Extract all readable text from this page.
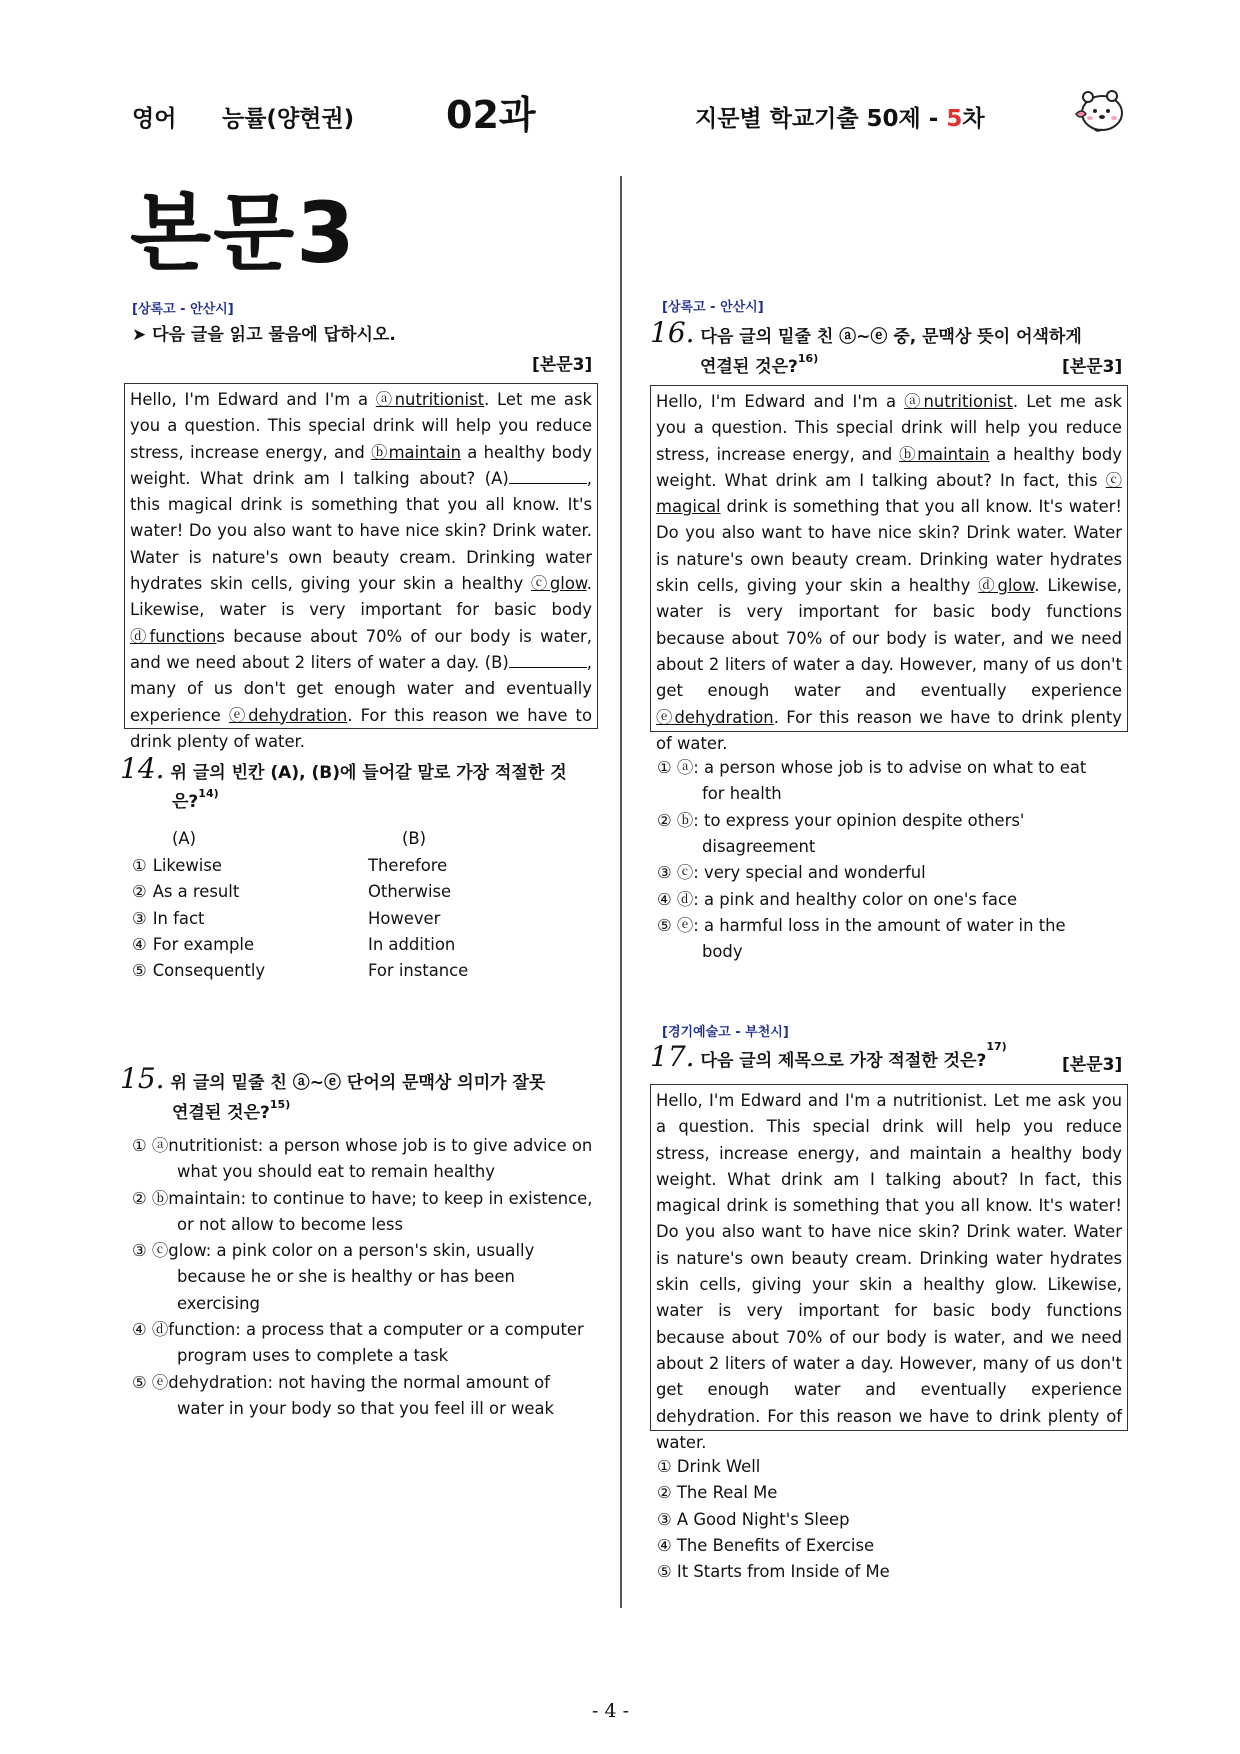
영어 능률(양현권) 02과	지문별 학교기출 50제 - 5차
본문3
[상록고 - 안산시]
➤ 다음 글을 읽고 물음에 답하시오.
[본문3]
Hello, I'm Edward and I'm a ⓐnutritionist. Let me ask you a question. This special drink will help you reduce stress, increase energy, and ⓑmaintain a healthy body weight. What drink am I talking about? (A)	, this magical drink is something that you all know. It's water! Do you also want to have nice skin? Drink water. Water is nature's own beauty cream. Drinking water hydrates skin cells, giving your skin a healthy ⓒglow. Likewise, water is very important for basic body ⓓfunctions because about 70% of our body is water, and we need about 2 liters of water a day. (B)	, many of us don't get enough water and eventually experience ⓔdehydration. For this reason we have to drink plenty of water.
14. 위 글의 빈칸 (A), (B)에 들어갈 말로 가장 적절한 것
은?$^{14)}$
(A)	(B)
① Likewise	Therefore
② As a result	Otherwise
③ In fact	However
④ For example	In addition
⑤ Consequently	For instance
15. 위 글의 밑줄 친 ⓐ~ⓔ 단어의 문맥상 의미가 잘못
연결된 것은?$^{15)}$
① ⓐnutritionist: a person whose job is to give advice on
what you should eat to remain healthy
② ⓑmaintain: to continue to have; to keep in existence,
or not allow to become less
③ ⓒglow: a pink color on a person's skin, usually
because he or she is healthy or has been
exercising
④ ⓓfunction: a process that a computer or a computer
program uses to complete a task
⑤ ⓔdehydration: not having the normal amount of
water in your body so that you feel ill or weak
[상록고 - 안산시]
16. 다음 글의 밑줄 친 ⓐ~ⓔ 중, 문맥상 뜻이 어색하게
연결된 것은?$^{16)}$	[본문3]
Hello, I'm Edward and I'm a ⓐnutritionist. Let me ask you a question. This special drink will help you reduce stress, increase energy, and ⓑmaintain a healthy body weight. What drink am I talking about? In fact, this ⓒ magical drink is something that you all know. It's water! Do you also want to have nice skin? Drink water. Water is nature's own beauty cream. Drinking water hydrates skin cells, giving your skin a healthy ⓓglow. Likewise, water is very important for basic body functions because about 70% of our body is water, and we need about 2 liters of water a day. However, many of us don't get enough water and eventually experience ⓔdehydration. For this reason we have to drink plenty of water.
① ⓐ: a person whose job is to advise on what to eat
for health
② ⓑ: to express your opinion despite others'
disagreement
③ ⓒ: very special and wonderful
④ ⓓ: a pink and healthy color on one's face
⑤ ⓔ: a harmful loss in the amount of water in the
body
[경기예술고 - 부천시]
17. 다음 글의 제목으로 가장 적절한 것은?$^{17)}$
[본문3]
Hello, I'm Edward and I'm a nutritionist. Let me ask you a question. This special drink will help you reduce stress, increase energy, and maintain a healthy body weight. What drink am I talking about? In fact, this magical drink is something that you all know. It's water! Do you also want to have nice skin? Drink water. Water is nature's own beauty cream. Drinking water hydrates skin cells, giving your skin a healthy glow. Likewise, water is very important for basic body functions because about 70% of our body is water, and we need about 2 liters of water a day. However, many of us don't get enough water and eventually experience dehydration. For this reason we have to drink plenty of water.
① Drink Well
② The Real Me
③ A Good Night's Sleep
④ The Benefits of Exercise
⑤ It Starts from Inside of Me
- 4 -
